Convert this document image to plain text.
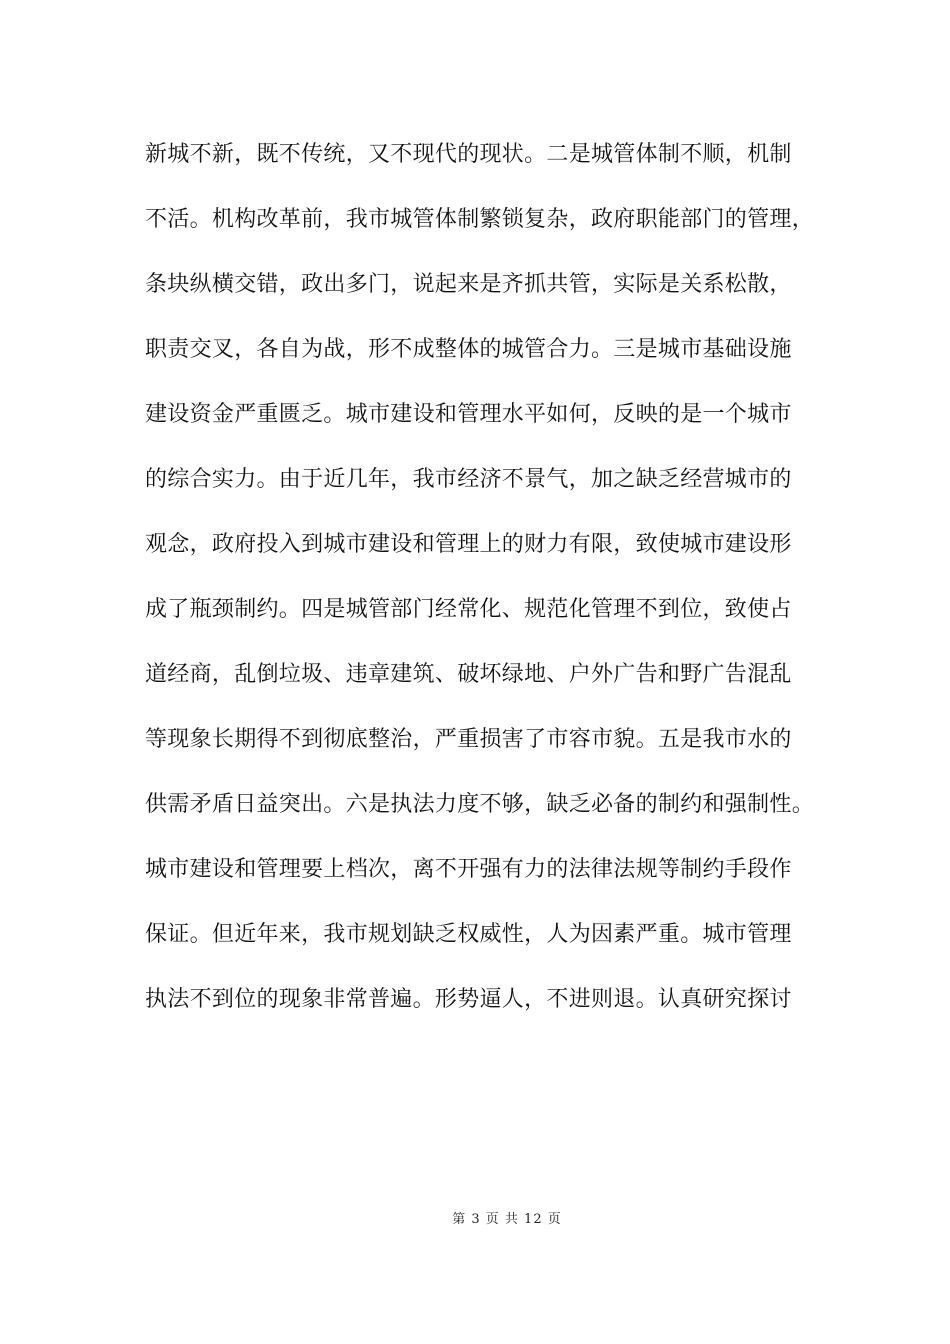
新城不新，既不传统，又不现代的现状。二是城管体制不顺，机制
不活。机构改革前，我市城管体制繁锁复杂，政府职能部门的管理，
条块纵横交错，政出多门，说起来是齐抓共管，实际是关系松散，
职责交叉，各自为战，形不成整体的城管合力。三是城市基础设施
建设资金严重匮乏。城市建设和管理水平如何，反映的是一个城市
的综合实力。由于近几年，我市经济不景气，加之缺乏经营城市的
观念，政府投入到城市建设和管理上的财力有限，致使城市建设形
成了瓶颈制约。四是城管部门经常化、规范化管理不到位，致使占
道经商，乱倒垃圾、违章建筑、破坏绿地、户外广告和野广告混乱
等现象长期得不到彻底整治，严重损害了市容市貌。五是我市水的
供需矛盾日益突出。六是执法力度不够，缺乏必备的制约和强制性。
城市建设和管理要上档次，离不开强有力的法律法规等制约手段作
保证。但近年来，我市规划缺乏权威性，人为因素严重。城市管理
执法不到位的现象非常普遍。形势逼人，不进则退。认真研究探讨
第 3 页 共 12 页
